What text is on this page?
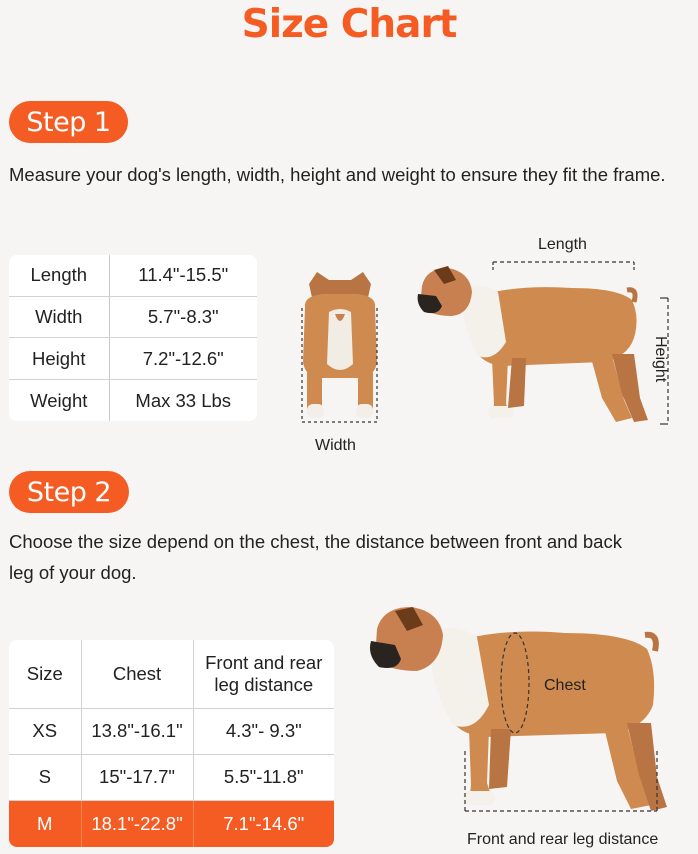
Size Chart
Step 1
Measure your dog's length, width, height and weight to ensure they fit the frame.
Length	11.4"-15.5"
Width	5.7"-8.3"
Height	7.2"-12.6"
Weight	Max 33 Lbs
Width
Length
Height
Step 2
Choose the size depend on the chest, the distance between front and back
leg of your dog.
Size	Chest	Front and rear
leg distance

XS	13.8"-16.1"	4.3"- 9.3"
S	15"-17.7"	5.5"-11.8"
M	18.1"-22.8"	7.1"-14.6"
Chest
Front and rear leg distance
